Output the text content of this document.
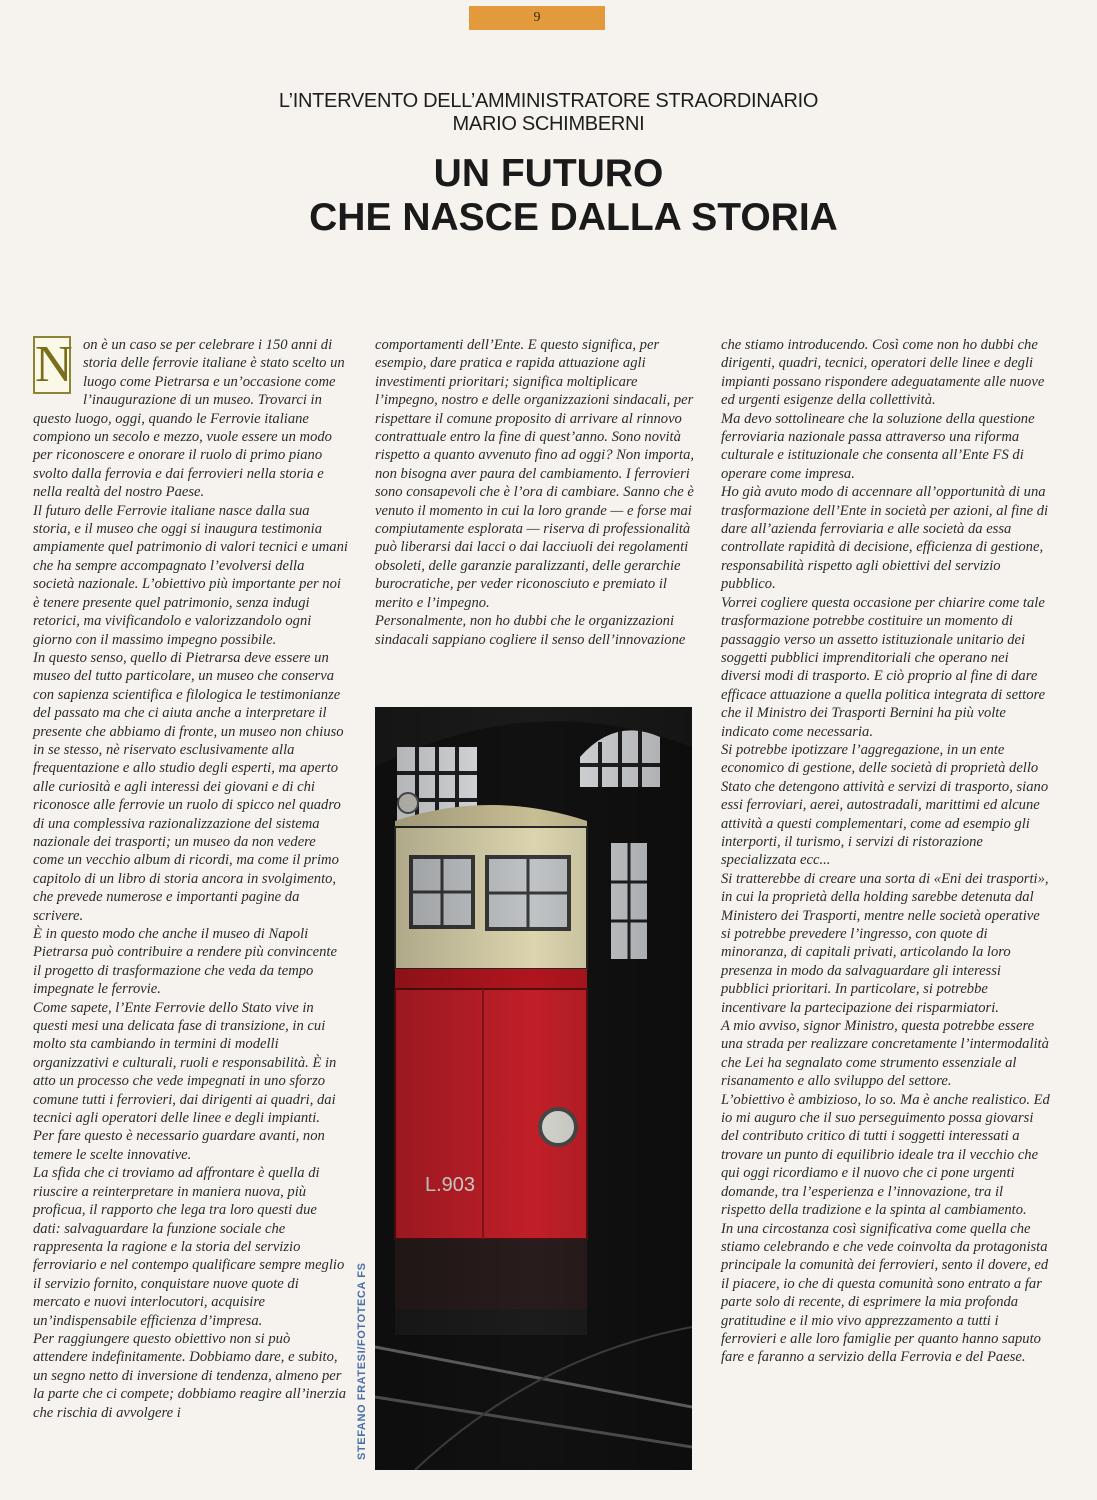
9
L’INTERVENTO DELL’AMMINISTRATORE STRAORDINARIO
MARIO SCHIMBERNI
UN FUTURO
CHE NASCE DALLA STORIA
N on è un caso se per celebrare i 150 anni di storia delle ferrovie italiane è stato scelto un luogo come Pietrarsa e un’occasione come l’inaugurazione di un museo. Trovarci in questo luogo, oggi, quando le Ferrovie italiane compiono un secolo e mezzo, vuole essere un modo per riconoscere e onorare il ruolo di primo piano svolto dalla ferrovia e dai ferrovieri nella storia e nella realtà del nostro Paese.

Il futuro delle Ferrovie italiane nasce dalla sua storia, e il museo che oggi si inaugura testimonia ampiamente quel patrimonio di valori tecnici e umani che ha sempre accompagnato l’evolversi della società nazionale. L’obiettivo più importante per noi è tenere presente quel patrimonio, senza indugi retorici, ma vivificandolo e valorizzandolo ogni giorno con il massimo impegno possibile.

In questo senso, quello di Pietrarsa deve essere un museo del tutto particolare, un museo che conserva con sapienza scientifica e filologica le testimonianze del passato ma che ci aiuta anche a interpretare il presente che abbiamo di fronte, un museo non chiuso in se stesso, nè riservato esclusivamente alla frequentazione e allo studio degli esperti, ma aperto alle curiosità e agli interessi dei giovani e di chi riconosce alle ferrovie un ruolo di spicco nel quadro di una complessiva razionalizzazione del sistema nazionale dei trasporti; un museo da non vedere come un vecchio album di ricordi, ma come il primo capitolo di un libro di storia ancora in svolgimento, che prevede numerose e importanti pagine da scrivere.

È in questo modo che anche il museo di Napoli Pietrarsa può contribuire a rendere più convincente il progetto di trasformazione che veda da tempo impegnate le ferrovie.

Come sapete, l’Ente Ferrovie dello Stato vive in questi mesi una delicata fase di transizione, in cui molto sta cambiando in termini di modelli organizzativi e culturali, ruoli e responsabilità. È in atto un processo che vede impegnati in uno sforzo comune tutti i ferrovieri, dai dirigenti ai quadri, dai tecnici agli operatori delle linee e degli impianti.

Per fare questo è necessario guardare avanti, non temere le scelte innovative.

La sfida che ci troviamo ad affrontare è quella di riuscire a reinterpretare in maniera nuova, più proficua, il rapporto che lega tra loro questi due dati: salvaguardare la funzione sociale che rappresenta la ragione e la storia del servizio ferroviario e nel contempo qualificare sempre meglio il servizio fornito, conquistare nuove quote di mercato e nuovi interlocutori, acquisire un’indispensabile efficienza d’impresa.

Per raggiungere questo obiettivo non si può attendere indefinitamente. Dobbiamo dare, e subito, un segno netto di inversione di tendenza, almeno per la parte che ci compete; dobbiamo reagire all’inerzia che rischia di avvolgere i

comportamenti dell’Ente. E questo significa, per esempio, dare pratica e rapida attuazione agli investimenti prioritari; significa moltiplicare l’impegno, nostro e delle organizzazioni sindacali, per rispettare il comune proposito di arrivare al rinnovo contrattuale entro la fine di quest’anno. Sono novità rispetto a quanto avvenuto fino ad oggi? Non importa, non bisogna aver paura del cambiamento. I ferrovieri sono consapevoli che è l’ora di cambiare. Sanno che è venuto il momento in cui la loro grande — e forse mai compiutamente esplorata — riserva di professionalità può liberarsi dai lacci o dai lacciuoli dei regolamenti obsoleti, delle garanzie paralizzanti, delle gerarchie burocratiche, per veder riconosciuto e premiato il merito e l’impegno.

Personalmente, non ho dubbi che le organizzazioni sindacali sappiano cogliere il senso dell’innovazione

che stiamo introducendo. Così come non ho dubbi che dirigenti, quadri, tecnici, operatori delle linee e degli impianti possano rispondere adeguatamente alle nuove ed urgenti esigenze della collettività.

Ma devo sottolineare che la soluzione della questione ferroviaria nazionale passa attraverso una riforma culturale e istituzionale che consenta all’Ente FS di operare come impresa.

Ho già avuto modo di accennare all’opportunità di una trasformazione dell’Ente in società per azioni, al fine di dare all’azienda ferroviaria e alle società da essa controllate rapidità di decisione, efficienza di gestione, responsabilità rispetto agli obiettivi del servizio pubblico.

Vorrei cogliere questa occasione per chiarire come tale trasformazione potrebbe costituire un momento di passaggio verso un assetto istituzionale unitario dei soggetti pubblici imprenditoriali che operano nei diversi modi di trasporto. E ciò proprio al fine di dare efficace attuazione a quella politica integrata di settore che il Ministro dei Trasporti Bernini ha più volte indicato come necessaria.

Si potrebbe ipotizzare l’aggregazione, in un ente economico di gestione, delle società di proprietà dello Stato che detengono attività e servizi di trasporto, siano essi ferroviari, aerei, autostradali, marittimi ed alcune attività a questi complementari, come ad esempio gli interporti, il turismo, i servizi di ristorazione specializzata ecc...

Si tratterebbe di creare una sorta di «Eni dei trasporti», in cui la proprietà della holding sarebbe detenuta dal Ministero dei Trasporti, mentre nelle società operative si potrebbe prevedere l’ingresso, con quote di minoranza, di capitali privati, articolando la loro presenza in modo da salvaguardare gli interessi pubblici prioritari. In particolare, si potrebbe incentivare la partecipazione dei risparmiatori.

A mio avviso, signor Ministro, questa potrebbe essere una strada per realizzare concretamente l’intermodalità che Lei ha segnalato come strumento essenziale al risanamento e allo sviluppo del settore.

L’obiettivo è ambizioso, lo so. Ma è anche realistico. Ed io mi auguro che il suo perseguimento possa giovarsi del contributo critico di tutti i soggetti interessati a trovare un punto di equilibrio ideale tra il vecchio che qui oggi ricordiamo e il nuovo che ci pone urgenti domande, tra l’esperienza e l’innovazione, tra il rispetto della tradizione e la spinta al cambiamento.

In una circostanza così significativa come quella che stiamo celebrando e che vede coinvolta da protagonista principale la comunità dei ferrovieri, sento il dovere, ed il piacere, io che di questa comunità sono entrato a far parte solo di recente, di esprimere la mia profonda gratitudine e il mio vivo apprezzamento a tutti i ferrovieri e alle loro famiglie per quanto hanno saputo fare e faranno a servizio della Ferrovia e del Paese.

L.903
STEFANO FRATESI/FOTOTECA FS
